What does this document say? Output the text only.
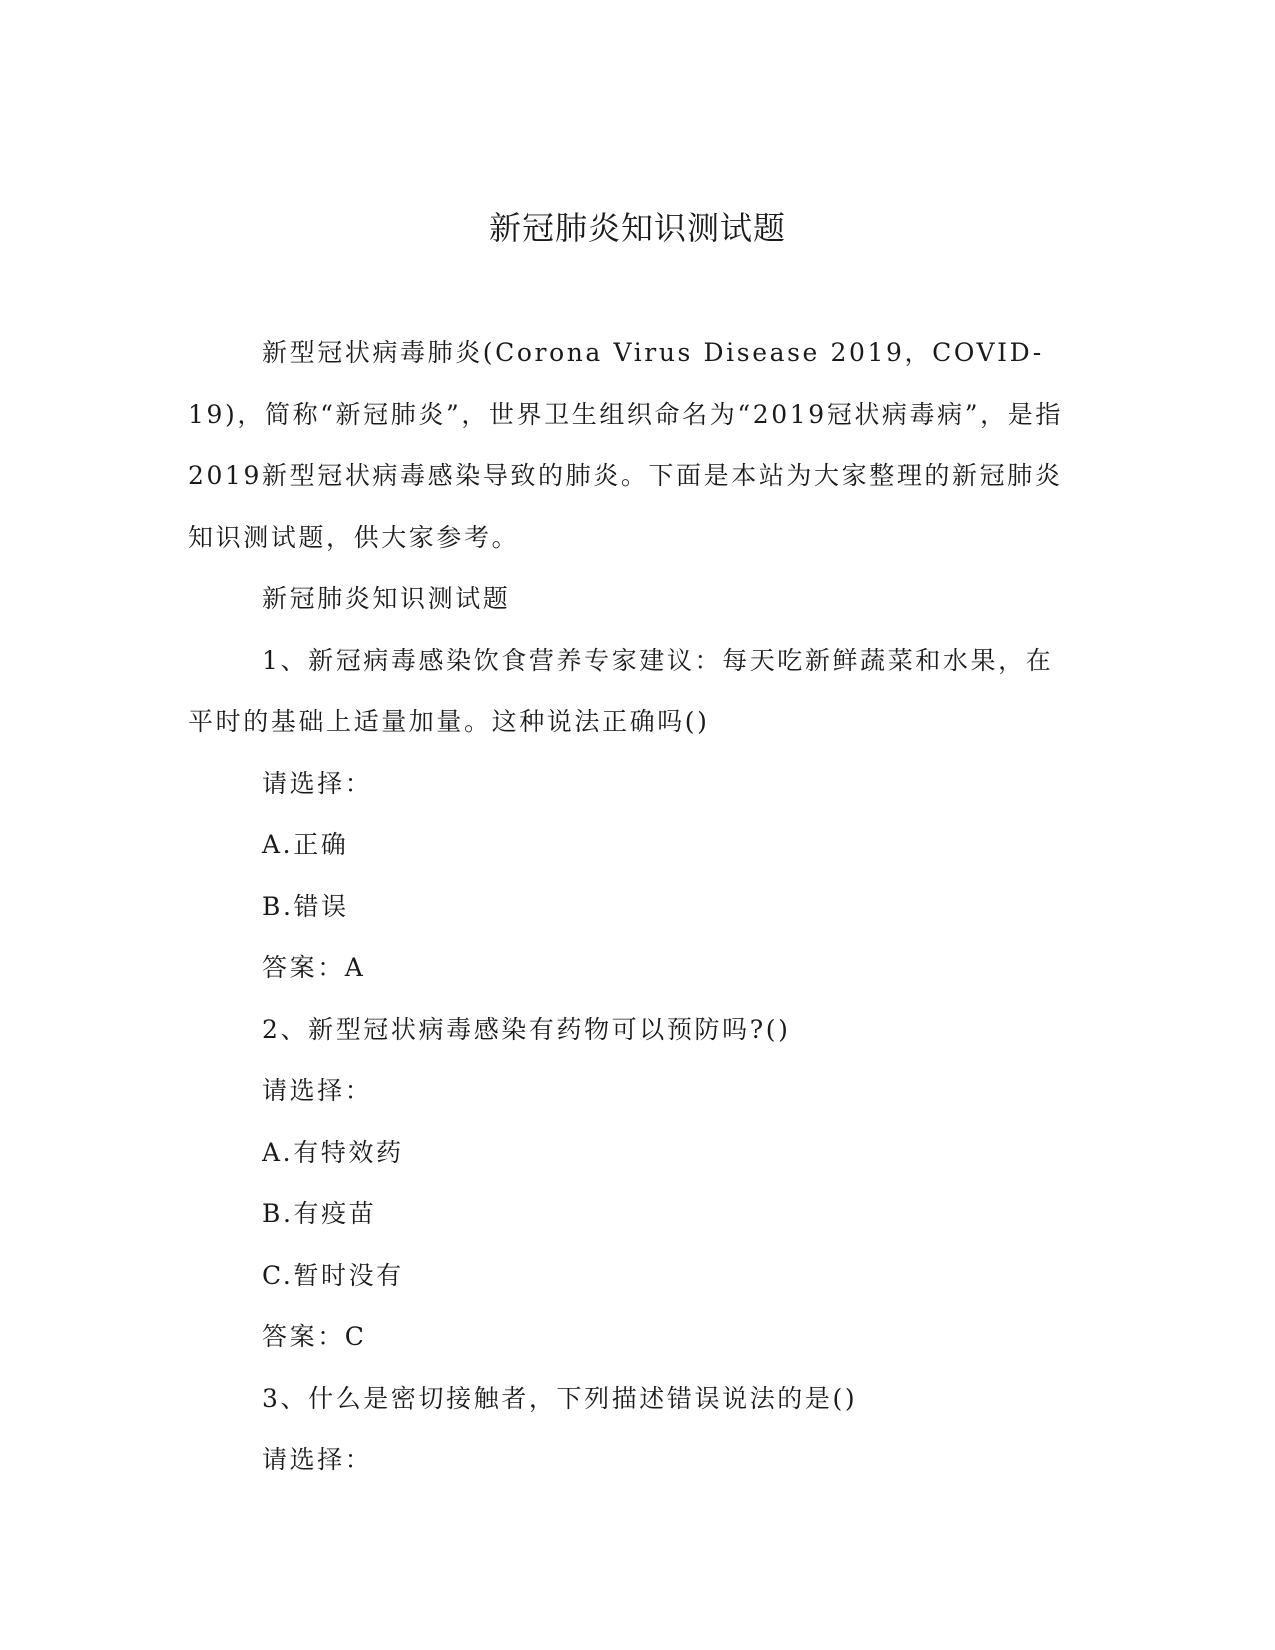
新冠肺炎知识测试题

新型冠状病毒肺炎(Corona Virus Disease 2019，COVID-19)，简称“新冠肺炎”，世界卫生组织命名为“2019冠状病毒病”，是指2019新型冠状病毒感染导致的肺炎。下面是本站为大家整理的新冠肺炎知识测试题，供大家参考。

新冠肺炎知识测试题

1、新冠病毒感染饮食营养专家建议：每天吃新鲜蔬菜和水果，在平时的基础上适量加量。这种说法正确吗()

请选择：

A.正确

B.错误

答案：A

2、新型冠状病毒感染有药物可以预防吗?()

请选择：

A.有特效药

B.有疫苗

C.暂时没有

答案：C

3、什么是密切接触者，下列描述错误说法的是()

请选择：
